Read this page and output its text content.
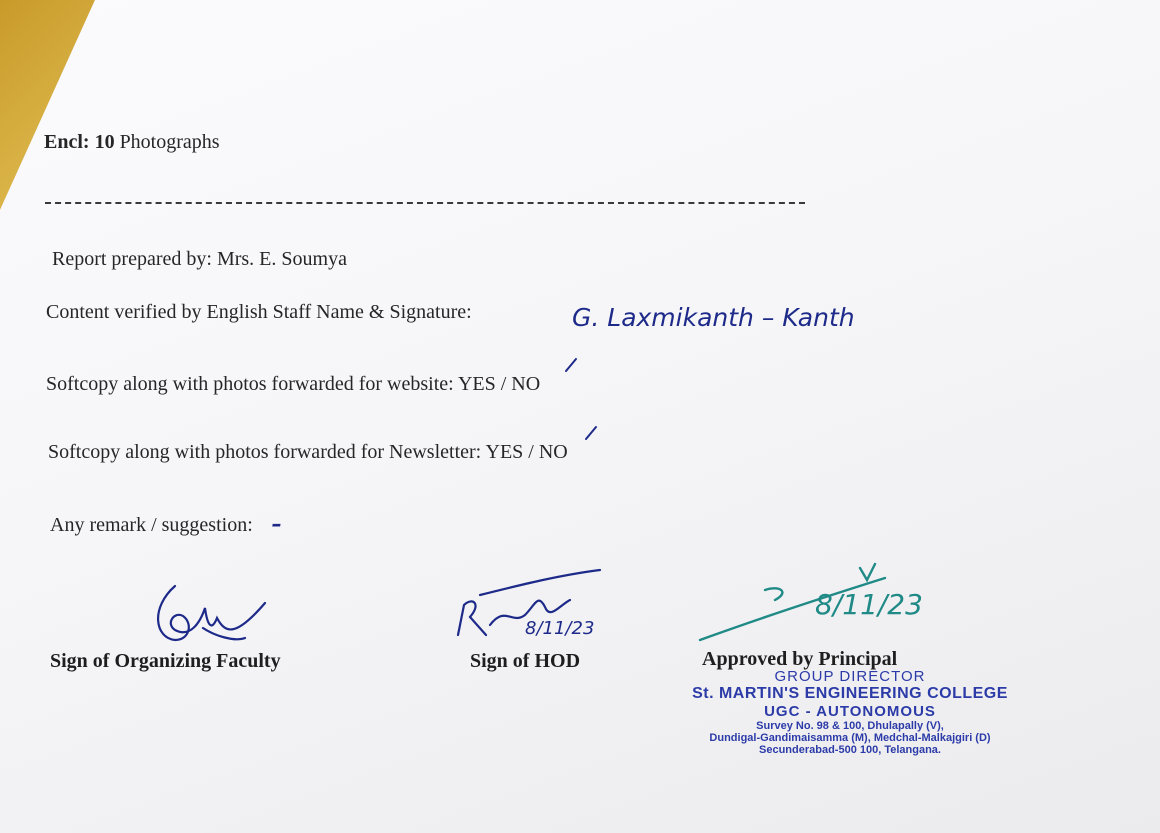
Encl: 10 Photographs
Report prepared by: Mrs. E. Soumya
Content verified by English Staff Name & Signature:	G. Laxmikanth – Kanth
Softcopy along with photos forwarded for website: YES / NO
Softcopy along with photos forwarded for Newsletter: YES / NO
Any remark / suggestion: –
Sign of Organizing Faculty
8/11/23
Sign of HOD
8/11/23
Approved by Principal
GROUP DIRECTOR
St. MARTIN'S ENGINEERING COLLEGE
UGC - AUTONOMOUS
Survey No. 98 & 100, Dhulapally (V),
Dundigal-Gandimaisamma (M), Medchal-Malkajgiri (D)
Secunderabad-500 100, Telangana.
